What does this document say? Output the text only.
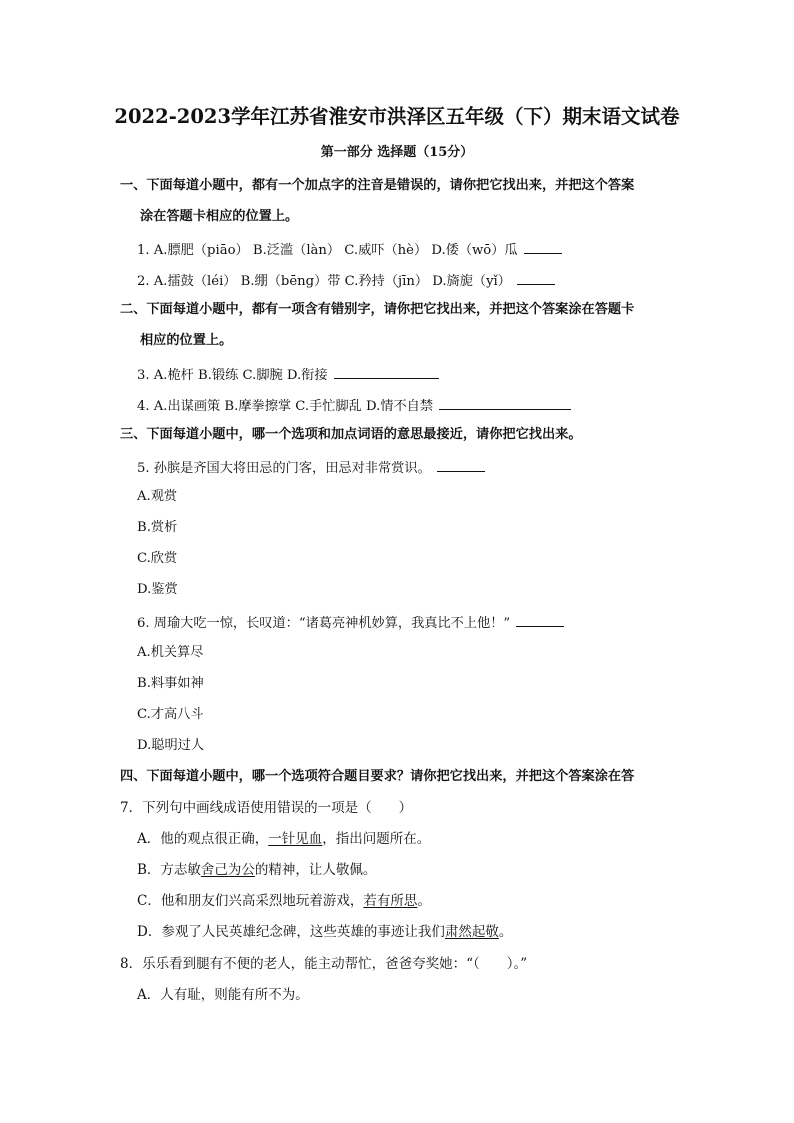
2022-2023学年江苏省淮安市洪泽区五年级（下）期末语文试卷
第一部分 选择题（15分）
一、下面每道小题中，都有一个加点字的注音是错误的，请你把它找出来，并把这个答案
涂在答题卡相应的位置上。
1. A.膘肥（piāo） B.泛滥（làn） C.威吓（hè） D.倭（wō）瓜
2. A.擂鼓（léi） B.绷（bēng）带 C.矜持（jīn） D.旖旎（yǐ）
二、下面每道小题中，都有一项含有错别字，请你把它找出来，并把这个答案涂在答题卡
相应的位置上。
3. A.桅杆 B.锻练 C.脚腕 D.衔接
4. A.出谋画策 B.摩拳擦掌 C.手忙脚乱 D.情不自禁
三、下面每道小题中，哪一个选项和加点词语的意思最接近，请你把它找出来。
5. 孙膑是齐国大将田忌的门客，田忌对非常赏识。
A.观赏
B.赏析
C.欣赏
D.鉴赏
6. 周瑜大吃一惊，长叹道：“诸葛亮神机妙算，我真比不上他！”
A.机关算尽
B.料事如神
C.才高八斗
D.聪明过人
四、下面每道小题中，哪一个选项符合题目要求？请你把它找出来，并把这个答案涂在答
7．下列句中画线成语使用错误的一项是（　　）
A．他的观点很正确，一针见血，指出问题所在。
B．方志敏舍己为公的精神，让人敬佩。
C．他和朋友们兴高采烈地玩着游戏，若有所思。
D．参观了人民英雄纪念碑，这些英雄的事迹让我们肃然起敬。
8．乐乐看到腿有不便的老人，能主动帮忙，爸爸夸奖她：“（　　）。”
A．人有耻，则能有所不为。
